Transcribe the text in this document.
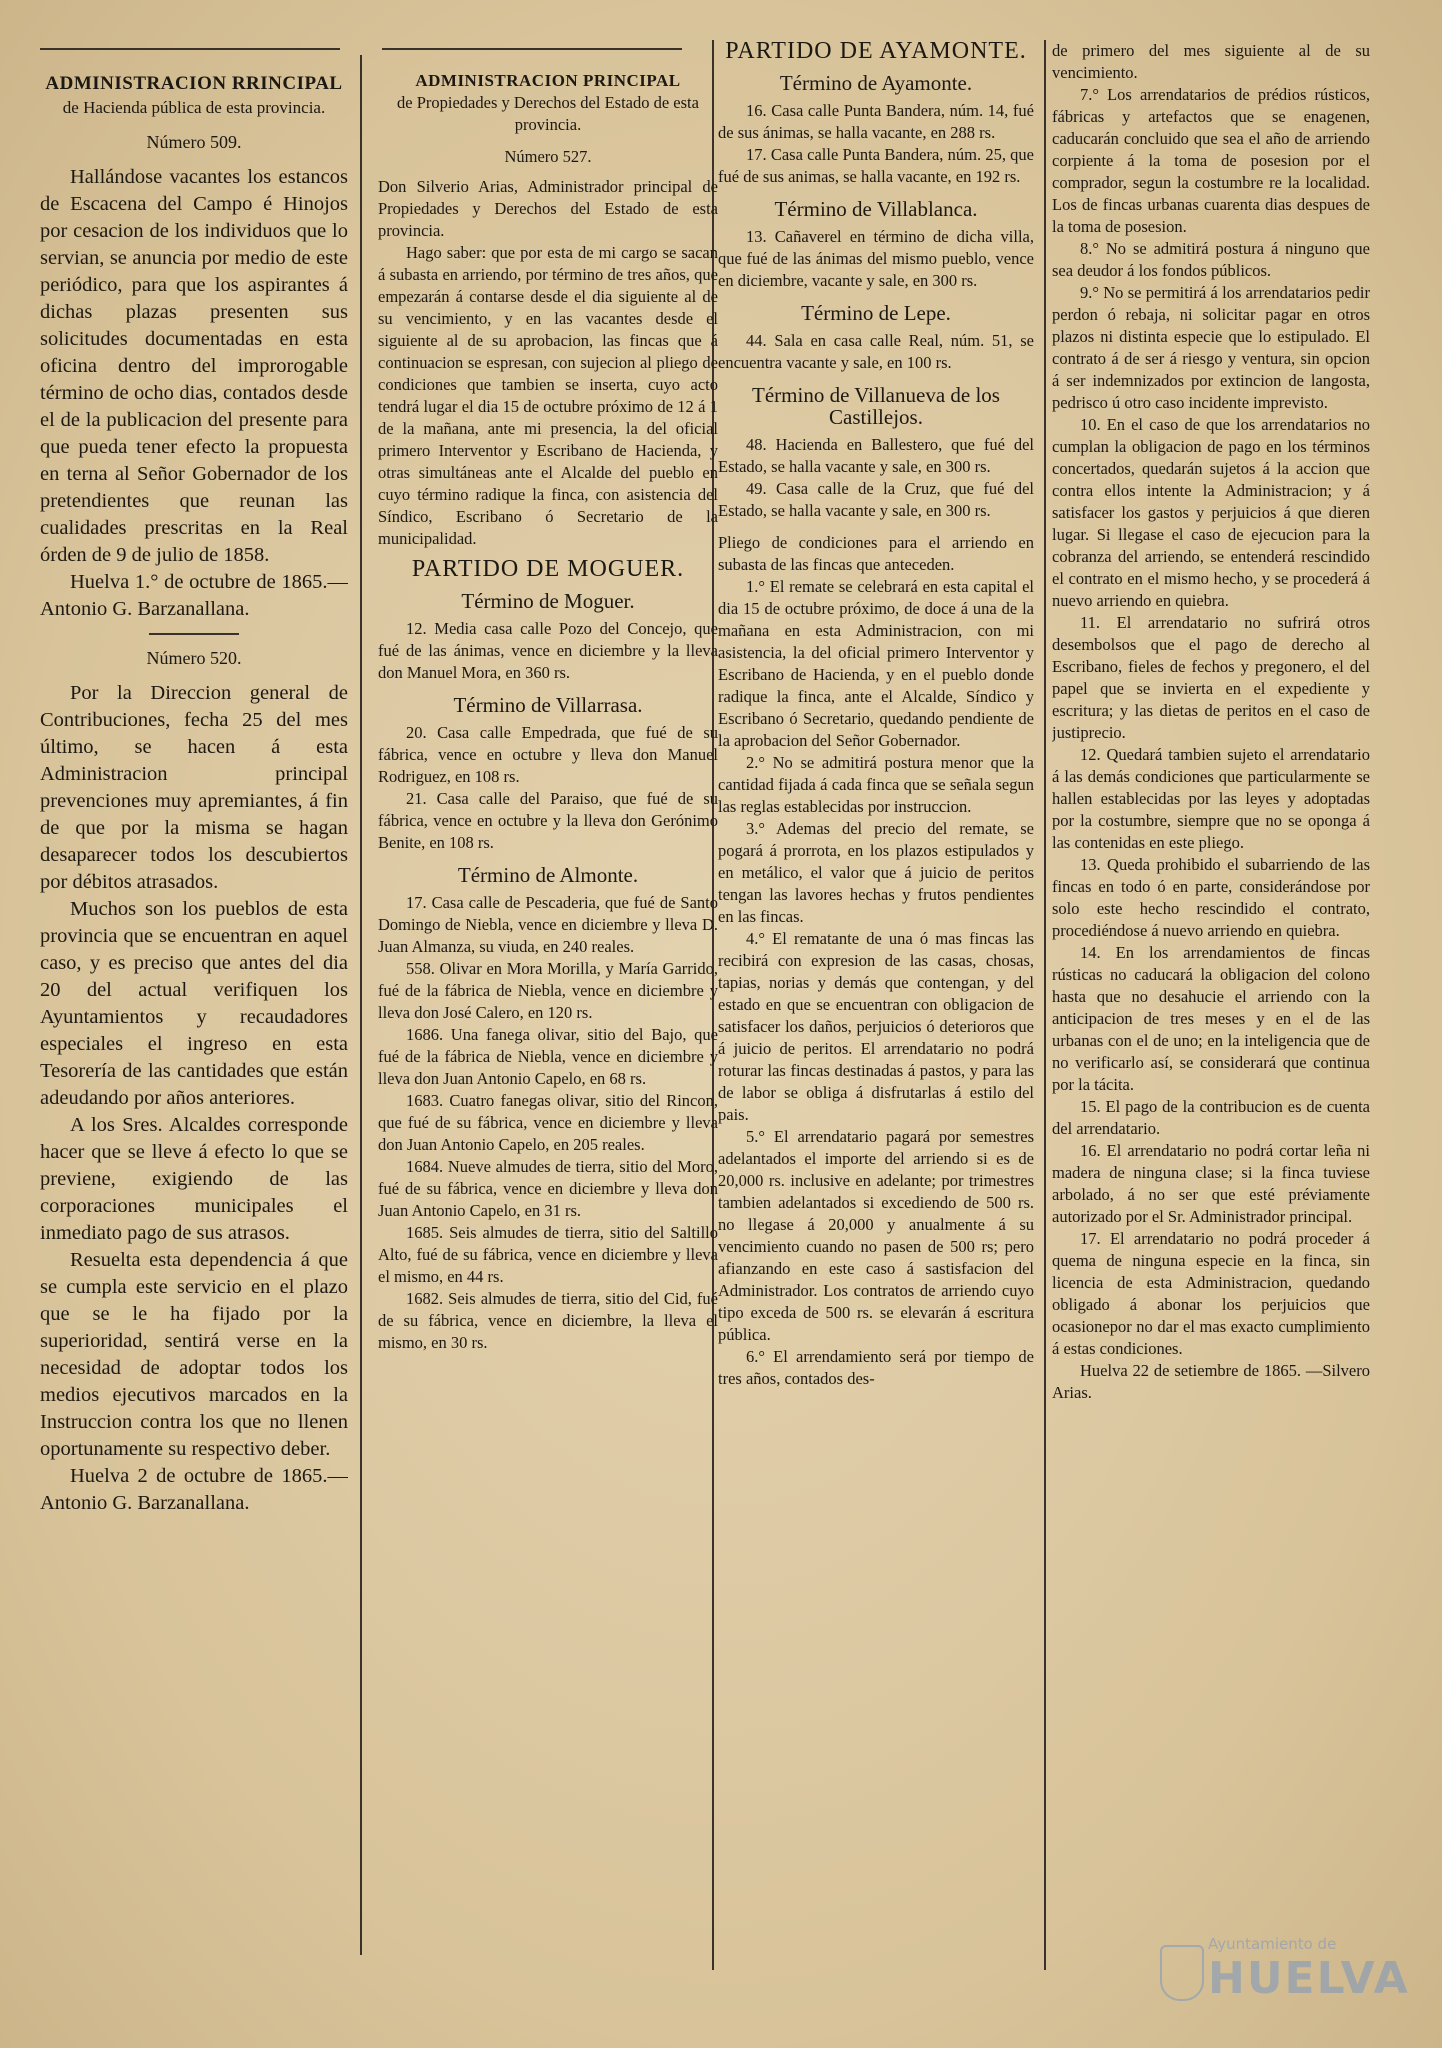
ADMINISTRACION RRINCIPAL
de Hacienda pública de esta provincia.
Número 509.

Hallándose vacantes los estancos de Escacena del Campo é Hinojos por cesacion de los individuos que lo servian, se anuncia por medio de este periódico, para que los aspirantes á dichas plazas presenten sus solicitudes documentadas en esta oficina dentro del improrogable término de ocho dias, contados desde el de la publicacion del presente para que pueda tener efecto la propuesta en terna al Señor Gobernador de los pretendientes que reunan las cualidades prescritas en la Real órden de 9 de julio de 1858.

Huelva 1.° de octubre de 1865.—Antonio G. Barzanallana.

Número 520.

Por la Direccion general de Contribuciones, fecha 25 del mes último, se hacen á esta Administracion principal prevenciones muy apremiantes, á fin de que por la misma se hagan desaparecer todos los descubiertos por débitos atrasados.

Muchos son los pueblos de esta provincia que se encuentran en aquel caso, y es preciso que antes del dia 20 del actual verifiquen los Ayuntamientos y recaudadores especiales el ingreso en esta Tesorería de las cantidades que están adeudando por años anteriores.

A los Sres. Alcaldes corresponde hacer que se lleve á efecto lo que se previene, exigiendo de las corporaciones municipales el inmediato pago de sus atrasos.

Resuelta esta dependencia á que se cumpla este servicio en el plazo que se le ha fijado por la superioridad, sentirá verse en la necesidad de adoptar todos los medios ejecutivos marcados en la Instruccion contra los que no llenen oportunamente su respectivo deber.

Huelva 2 de octubre de 1865.—Antonio G. Barzanallana.

ADMINISTRACION PRINCIPAL
de Propiedades y Derechos del Estado de esta provincia.
Número 527.

Don Silverio Arias, Administrador principal de Propiedades y Derechos del Estado de esta provincia.

Hago saber: que por esta de mi cargo se sacan á subasta en arriendo, por término de tres años, que empezarán á contarse desde el dia siguiente al de su vencimiento, y en las vacantes desde el siguiente al de su aprobacion, las fincas que á continuacion se espresan, con sujecion al pliego de condiciones que tambien se inserta, cuyo acto tendrá lugar el dia 15 de octubre próximo de 12 á 1 de la mañana, ante mi presencia, la del oficial primero Interventor y Escribano de Hacienda, y otras simultáneas ante el Alcalde del pueblo en cuyo término radique la finca, con asistencia del Síndico, Escribano ó Secretario de la municipalidad.

PARTIDO DE MOGUER.
Término de Moguer.

12. Media casa calle Pozo del Concejo, que fué de las ánimas, vence en diciembre y la lleva don Manuel Mora, en 360 rs.

Término de Villarrasa.

20. Casa calle Empedrada, que fué de su fábrica, vence en octubre y lleva don Manuel Rodriguez, en 108 rs.

21. Casa calle del Paraiso, que fué de su fábrica, vence en octubre y la lleva don Gerónimo Benite, en 108 rs.

Término de Almonte.

17. Casa calle de Pescaderia, que fué de Santo Domingo de Niebla, vence en diciembre y lleva D. Juan Almanza, su viuda, en 240 reales.

558. Olivar en Mora Morilla, y María Garrido, fué de la fábrica de Niebla, vence en diciembre y lleva don José Calero, en 120 rs.

1686. Una fanega olivar, sitio del Bajo, que fué de la fábrica de Niebla, vence en diciembre y lleva don Juan Antonio Capelo, en 68 rs.

1683. Cuatro fanegas olivar, sitio del Rincon, que fué de su fábrica, vence en diciembre y lleva don Juan Antonio Capelo, en 205 reales.

1684. Nueve almudes de tierra, sitio del Moro, fué de su fábrica, vence en diciembre y lleva don Juan Antonio Capelo, en 31 rs.

1685. Seis almudes de tierra, sitio del Saltillo Alto, fué de su fábrica, vence en diciembre y lleva el mismo, en 44 rs.

1682. Seis almudes de tierra, sitio del Cid, fué de su fábrica, vence en diciembre, la lleva el mismo, en 30 rs.

PARTIDO DE AYAMONTE.
Término de Ayamonte.

16. Casa calle Punta Bandera, núm. 14, fué de sus ánimas, se halla vacante, en 288 rs.

17. Casa calle Punta Bandera, núm. 25, que fué de sus animas, se halla vacante, en 192 rs.

Término de Villablanca.

13. Cañaverel en término de dicha villa, que fué de las ánimas del mismo pueblo, vence en diciembre, vacante y sale, en 300 rs.

Término de Lepe.

44. Sala en casa calle Real, núm. 51, se encuentra vacante y sale, en 100 rs.

Término de Villanueva de los Castillejos.

48. Hacienda en Ballestero, que fué del Estado, se halla vacante y sale, en 300 rs.

49. Casa calle de la Cruz, que fué del Estado, se halla vacante y sale, en 300 rs.

Pliego de condiciones para el arriendo en subasta de las fincas que anteceden.

1.° El remate se celebrará en esta capital el dia 15 de octubre próximo, de doce á una de la mañana en esta Administracion, con mi asistencia, la del oficial primero Interventor y Escribano de Hacienda, y en el pueblo donde radique la finca, ante el Alcalde, Síndico y Escribano ó Secretario, quedando pendiente de la aprobacion del Señor Gobernador.

2.° No se admitirá postura menor que la cantidad fijada á cada finca que se señala segun las reglas establecidas por instruccion.

3.° Ademas del precio del remate, se pogará á prorrota, en los plazos estipulados y en metálico, el valor que á juicio de peritos tengan las lavores hechas y frutos pendientes en las fincas.

4.° El rematante de una ó mas fincas las recibirá con expresion de las casas, chosas, tapias, norias y demás que contengan, y del estado en que se encuentran con obligacion de satisfacer los daños, perjuicios ó deterioros que á juicio de peritos. El arrendatario no podrá roturar las fincas destinadas á pastos, y para las de labor se obliga á disfrutarlas á estilo del pais.

5.° El arrendatario pagará por semestres adelantados el importe del arriendo si es de 20,000 rs. inclusive en adelante; por trimestres tambien adelantados si excediendo de 500 rs. no llegase á 20,000 y anualmente á su vencimiento cuando no pasen de 500 rs; pero afianzando en este caso á sastisfacion del Administrador. Los contratos de arriendo cuyo tipo exceda de 500 rs. se elevarán á escritura pública.

6.° El arrendamiento será por tiempo de tres años, contados des-

de primero del mes siguiente al de su vencimiento.

7.° Los arrendatarios de prédios rústicos, fábricas y artefactos que se enagenen, caducarán concluido que sea el año de arriendo corpiente á la toma de posesion por el comprador, segun la costumbre re la localidad. Los de fincas urbanas cuarenta dias despues de la toma de posesion.

8.° No se admitirá postura á ninguno que sea deudor á los fondos públicos.

9.° No se permitirá á los arrendatarios pedir perdon ó rebaja, ni solicitar pagar en otros plazos ni distinta especie que lo estipulado. El contrato á de ser á riesgo y ventura, sin opcion á ser indemnizados por extincion de langosta, pedrisco ú otro caso incidente imprevisto.

10. En el caso de que los arrendatarios no cumplan la obligacion de pago en los términos concertados, quedarán sujetos á la accion que contra ellos intente la Administracion; y á satisfacer los gastos y perjuicios á que dieren lugar. Si llegase el caso de ejecucion para la cobranza del arriendo, se entenderá rescindido el contrato en el mismo hecho, y se procederá á nuevo arriendo en quiebra.

11. El arrendatario no sufrirá otros desembolsos que el pago de derecho al Escribano, fieles de fechos y pregonero, el del papel que se invierta en el expediente y escritura; y las dietas de peritos en el caso de justiprecio.

12. Quedará tambien sujeto el arrendatario á las demás condiciones que particularmente se hallen establecidas por las leyes y adoptadas por la costumbre, siempre que no se oponga á las contenidas en este pliego.

13. Queda prohibido el subarriendo de las fincas en todo ó en parte, considerándose por solo este hecho rescindido el contrato, procediéndose á nuevo arriendo en quiebra.

14. En los arrendamientos de fincas rústicas no caducará la obligacion del colono hasta que no desahucie el arriendo con la anticipacion de tres meses y en el de las urbanas con el de uno; en la inteligencia que de no verificarlo así, se considerará que continua por la tácita.

15. El pago de la contribucion es de cuenta del arrendatario.

16. El arrendatario no podrá cortar leña ni madera de ninguna clase; si la finca tuviese arbolado, á no ser que esté préviamente autorizado por el Sr. Administrador principal.

17. El arrendatario no podrá proceder á quema de ninguna especie en la finca, sin licencia de esta Administracion, quedando obligado á abonar los perjuicios que ocasionepor no dar el mas exacto cumplimiento á estas condiciones.

Huelva 22 de setiembre de 1865. —Silvero Arias.

Ayuntamiento de
HUELVA
